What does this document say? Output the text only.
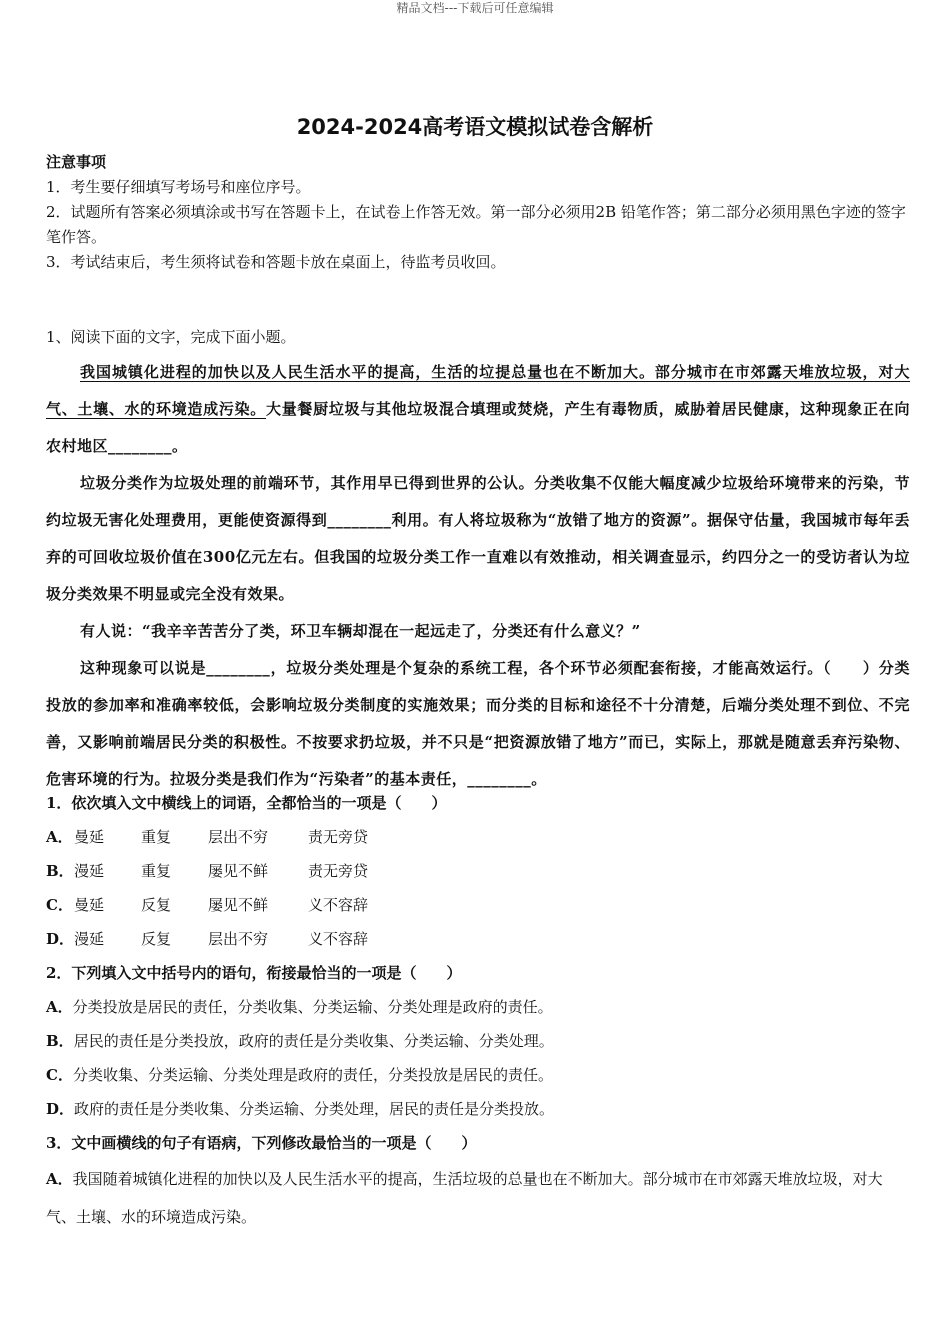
精品文档---下载后可任意编辑
2024-2024高考语文模拟试卷含解析
注意事项
1．考生要仔细填写考场号和座位序号。
2．试题所有答案必须填涂或书写在答题卡上，在试卷上作答无效。第一部分必须用2B 铅笔作答；第二部分必须用黑色字迹的签字笔作答。
3．考试结束后，考生须将试卷和答题卡放在桌面上，待监考员收回。
1、阅读下面的文字，完成下面小题。

我国城镇化进程的加快以及人民生活水平的提高，生活的垃提总量也在不断加大。部分城市在市郊露天堆放垃圾，对大气、土壤、水的环境造成污染。大量餐厨垃圾与其他垃圾混合填理或焚烧，产生有毒物质，威胁着居民健康，这种现象正在向农村地区________。

垃圾分类作为垃圾处理的前端环节，其作用早已得到世界的公认。分类收集不仅能大幅度减少垃圾给环境带来的污染，节约垃圾无害化处理费用，更能使资源得到________利用。有人将垃圾称为“放错了地方的资源”。据保守估量，我国城市每年丢弃的可回收垃圾价值在300亿元左右。但我国的垃圾分类工作一直难以有效推动，相关调查显示，约四分之一的受访者认为垃圾分类效果不明显或完全没有效果。

有人说：“我辛辛苦苦分了类，环卫车辆却混在一起远走了，分类还有什么意义？”

这种现象可以说是________，垃圾分类处理是个复杂的系统工程，各个环节必须配套衔接，才能高效运行。（　　）分类投放的参加率和准确率较低，会影响垃圾分类制度的实施效果；而分类的目标和途径不十分清楚，后端分类处理不到位、不完善，又影响前端居民分类的积极性。不按要求扔垃圾，并不只是“把资源放错了地方”而已，实际上，那就是随意丢弃污染物、危害环境的行为。拉圾分类是我们作为“污染者”的基本责任，________。

1．依次填入文中横线上的词语，全都恰当的一项是（　　）
A． 曼延	重复	层出不穷	责无旁贷
B． 漫延	重复	屡见不鲜	责无旁贷
C． 曼延	反复	屡见不鲜	义不容辞
D． 漫延	反复	层出不穷	义不容辞
2．下列填入文中括号内的语句，衔接最恰当的一项是（　　）
A．分类投放是居民的责任，分类收集、分类运输、分类处理是政府的责任。
B．居民的责任是分类投放，政府的责任是分类收集、分类运输、分类处理。
C．分类收集、分类运输、分类处理是政府的责任，分类投放是居民的责任。
D．政府的责任是分类收集、分类运输、分类处理，居民的责任是分类投放。
3．文中画横线的句子有语病，下列修改最恰当的一项是（　　）
A．我国随着城镇化进程的加快以及人民生活水平的提高，生活垃圾的总量也在不断加大。部分城市在市郊露天堆放垃圾，对大气、土壤、水的环境造成污染。
